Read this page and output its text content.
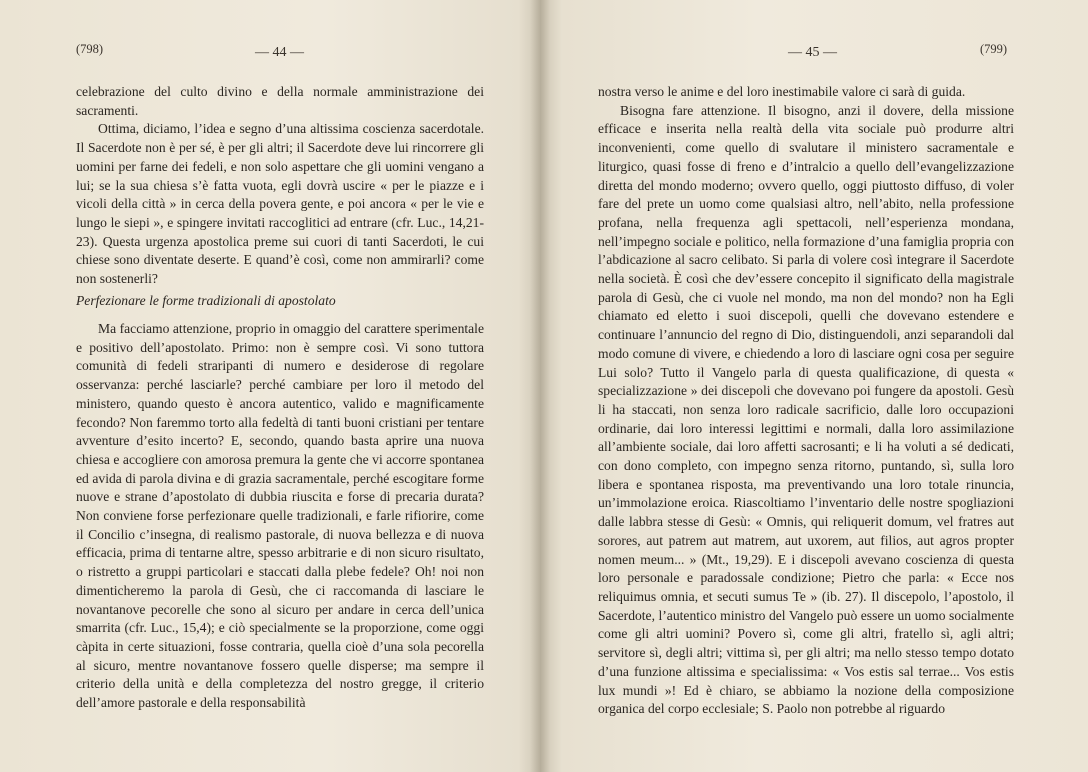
(798)	— 44 —

celebrazione del culto divino e della normale amministrazione dei sacramenti.

Ottima, diciamo, l’idea e segno d’una altissima coscienza sacerdotale. Il Sacerdote non è per sé, è per gli altri; il Sacerdote deve lui rincorrere gli uomini per farne dei fedeli, e non solo aspettare che gli uomini vengano a lui; se la sua chiesa s’è fatta vuota, egli dovrà uscire « per le piazze e i vicoli della città » in cerca della povera gente, e poi ancora « per le vie e lungo le siepi », e spingere invitati raccoglitici ad entrare (cfr. Luc., 14,21-23). Questa urgenza apostolica preme sui cuori di tanti Sacerdoti, le cui chiese sono diventate deserte. E quand’è così, come non ammirarli? come non sostenerli?

Perfezionare le forme tradizionali di apostolato

Ma facciamo attenzione, proprio in omaggio del carattere sperimentale e positivo dell’apostolato. Primo: non è sempre così. Vi sono tuttora comunità di fedeli straripanti di numero e desiderose di regolare osservanza: perché lasciarle? perché cambiare per loro il metodo del ministero, quando questo è ancora autentico, valido e magnificamente fecondo? Non faremmo torto alla fedeltà di tanti buoni cristiani per tentare avventure d’esito incerto? E, secondo, quando basta aprire una nuova chiesa e accogliere con amorosa premura la gente che vi accorre spontanea ed avida di parola divina e di grazia sacramentale, perché escogitare forme nuove e strane d’apostolato di dubbia riuscita e forse di precaria durata? Non conviene forse perfezionare quelle tradizionali, e farle rifiorire, come il Concilio c’insegna, di realismo pastorale, di nuova bellezza e di nuova efficacia, prima di tentarne altre, spesso arbitrarie e di non sicuro risultato, o ristretto a gruppi particolari e staccati dalla plebe fedele? Oh! noi non dimenticheremo la parola di Gesù, che ci raccomanda di lasciare le novantanove pecorelle che sono al sicuro per andare in cerca dell’unica smarrita (cfr. Luc., 15,4); e ciò specialmente se la proporzione, come oggi càpita in certe situazioni, fosse contraria, quella cioè d’una sola pecorella al sicuro, mentre novantanove fossero quelle disperse; ma sempre il criterio della unità e della completezza del nostro gregge, il criterio dell’amore pastorale e della responsabilità

— 45 —	(799)

nostra verso le anime e del loro inestimabile valore ci sarà di guida.

Bisogna fare attenzione. Il bisogno, anzi il dovere, della missione efficace e inserita nella realtà della vita sociale può produrre altri inconvenienti, come quello di svalutare il ministero sacramentale e liturgico, quasi fosse di freno e d’intralcio a quello dell’evangelizzazione diretta del mondo moderno; ovvero quello, oggi piuttosto diffuso, di voler fare del prete un uomo come qualsiasi altro, nell’abito, nella professione profana, nella frequenza agli spettacoli, nell’esperienza mondana, nell’impegno sociale e politico, nella formazione d’una famiglia propria con l’abdicazione al sacro celibato. Si parla di volere così integrare il Sacerdote nella società. È così che dev’essere concepito il significato della magistrale parola di Gesù, che ci vuole nel mondo, ma non del mondo? non ha Egli chiamato ed eletto i suoi discepoli, quelli che dovevano estendere e continuare l’annuncio del regno di Dio, distinguendoli, anzi separandoli dal modo comune di vivere, e chiedendo a loro di lasciare ogni cosa per seguire Lui solo? Tutto il Vangelo parla di questa qualificazione, di questa « specializzazione » dei discepoli che dovevano poi fungere da apostoli. Gesù li ha staccati, non senza loro radicale sacrificio, dalle loro occupazioni ordinarie, dai loro interessi legittimi e normali, dalla loro assimilazione all’ambiente sociale, dai loro affetti sacrosanti; e li ha voluti a sé dedicati, con dono completo, con impegno senza ritorno, puntando, sì, sulla loro libera e spontanea risposta, ma preventivando una loro totale rinuncia, un’immolazione eroica. Riascoltiamo l’inventario delle nostre spogliazioni dalle labbra stesse di Gesù: « Omnis, qui reliquerit domum, vel fratres aut sorores, aut patrem aut matrem, aut uxorem, aut filios, aut agros propter nomen meum... » (Mt., 19,29). E i discepoli avevano coscienza di questa loro personale e paradossale condizione; Pietro che parla: « Ecce nos reliquimus omnia, et secuti sumus Te » (ib. 27). Il discepolo, l’apostolo, il Sacerdote, l’autentico ministro del Vangelo può essere un uomo socialmente come gli altri uomini? Povero sì, come gli altri, fratello sì, agli altri; servitore sì, degli altri; vittima sì, per gli altri; ma nello stesso tempo dotato d’una funzione altissima e specialissima: « Vos estis sal terrae... Vos estis lux mundi »! Ed è chiaro, se abbiamo la nozione della composizione organica del corpo ecclesiale; S. Paolo non potrebbe al riguardo
